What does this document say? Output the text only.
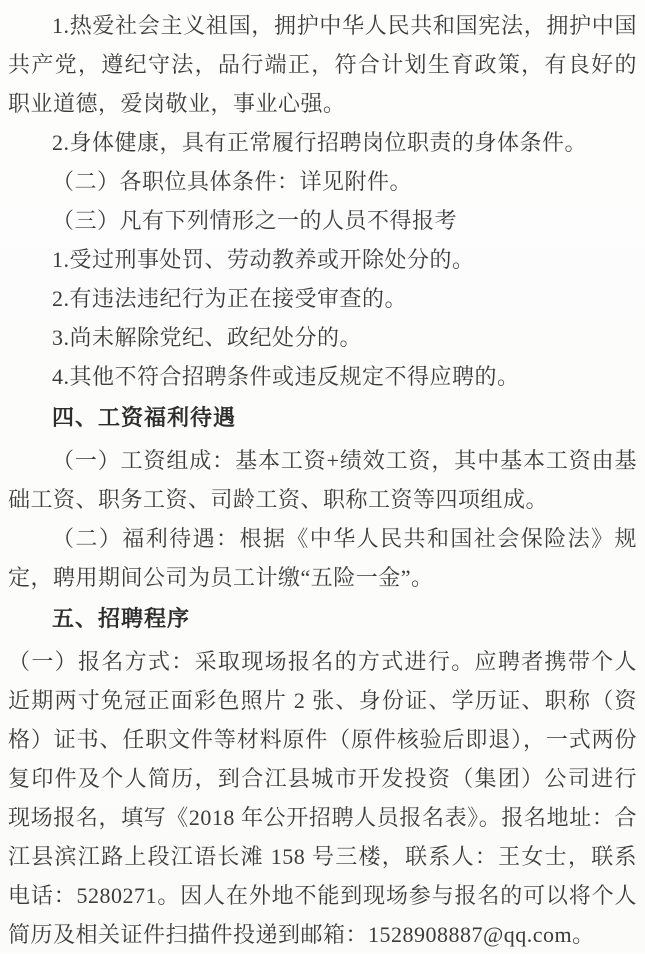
1.热爱社会主义祖国，拥护中华人民共和国宪法，拥护中国共产党，遵纪守法，品行端正，符合计划生育政策，有良好的职业道德，爱岗敬业，事业心强。

2.身体健康，具有正常履行招聘岗位职责的身体条件。

（二）各职位具体条件：详见附件。

（三）凡有下列情形之一的人员不得报考

1.受过刑事处罚、劳动教养或开除处分的。

2.有违法违纪行为正在接受审查的。

3.尚未解除党纪、政纪处分的。

4.其他不符合招聘条件或违反规定不得应聘的。

四、工资福利待遇

（一）工资组成：基本工资+绩效工资，其中基本工资由基础工资、职务工资、司龄工资、职称工资等四项组成。

（二）福利待遇：根据《中华人民共和国社会保险法》规定，聘用期间公司为员工计缴“五险一金”。

五、招聘程序

（一）报名方式：采取现场报名的方式进行。应聘者携带个人近期两寸免冠正面彩色照片 2 张、身份证、学历证、职称（资格）证书、任职文件等材料原件（原件核验后即退），一式两份复印件及个人简历，到合江县城市开发投资（集团）公司进行现场报名，填写《2018 年公开招聘人员报名表》。报名地址：合江县滨江路上段江语长滩 158 号三楼，联系人：王女士，联系电话：5280271。因人在外地不能到现场参与报名的可以将个人简历及相关证件扫描件投递到邮箱：1528908887@qq.com。
